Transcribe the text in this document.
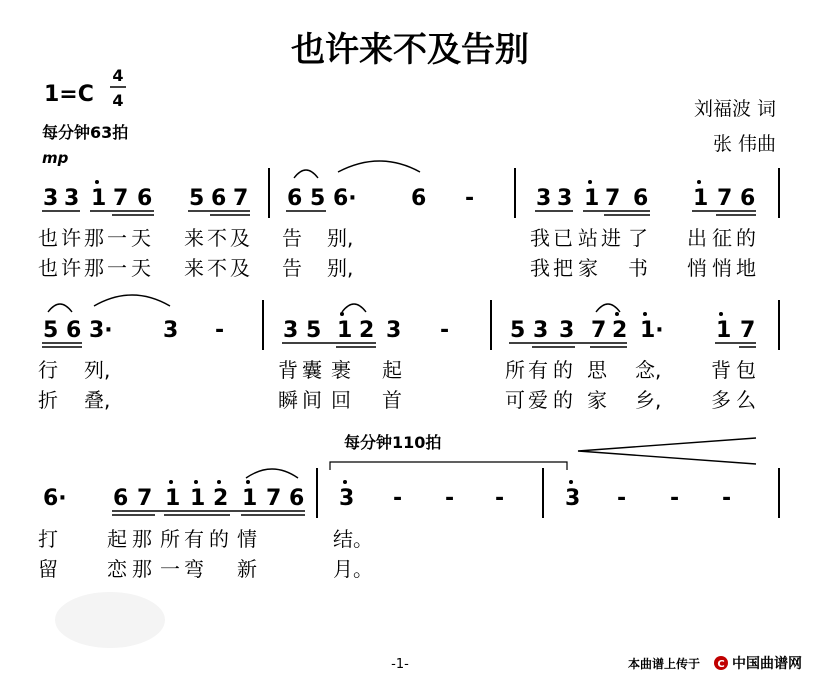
也许来不及告别
1=C
4
4
每分钟63拍
mp
刘福波 词
张 伟曲
3 3 1 7 6 5 6 7 6 5 6· 6 -	3 3 1 7 6 1 7 6
也 许 那 一 天 来 不 及 告 别,	我 已 站 进 了 出 征 的
也 许 那 一 天 来 不 及 告 别,	我 把 家 书 悄 悄 地
5 6 3· 3 -	3 5 1 2 3 -	5 3 3 7 2 1· 1 7
行 列,	背 囊 裹 起	所 有 的 思 念, 背 包
折 叠,	瞬 间 回 首	可 爱 的 家 乡, 多 么
每分钟110拍
6· 6 7 1 1 2 1 7 6 3 - - -	3 - - -
打 起 那 所 有 的 情	结。
留 恋 那 一 弯 新	月。
-1-	本曲谱上传于 C 中国曲谱网
